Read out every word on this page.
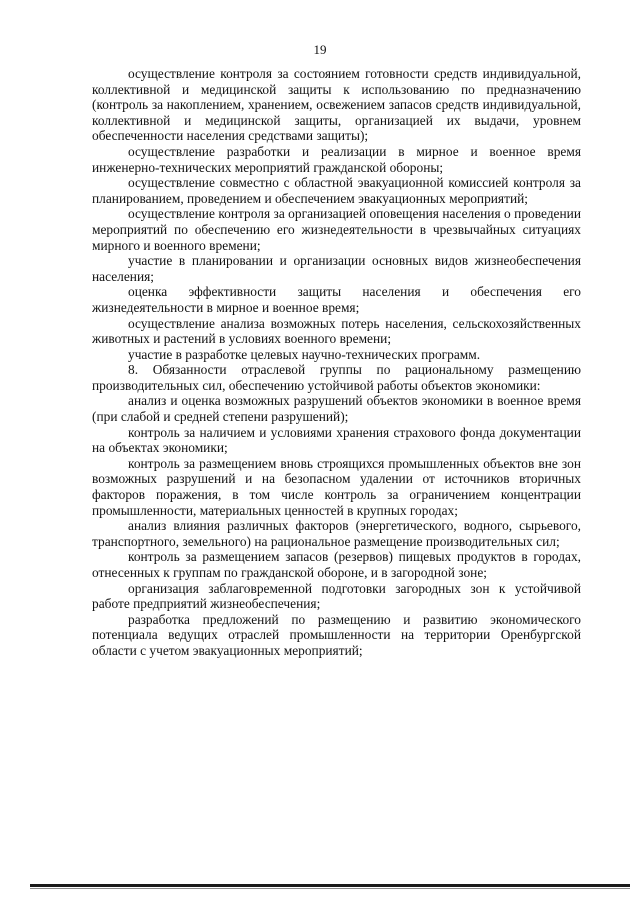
19

осуществление контроля за состоянием готовности средств индивидуальной, коллективной и медицинской защиты к использованию по предназначению (контроль за накоплением, хранением, освежением запасов средств индивидуальной, коллективной и медицинской защиты, организацией их выдачи, уровнем обеспеченности населения средствами защиты);

осуществление разработки и реализации в мирное и военное время инженерно-технических мероприятий гражданской обороны;

осуществление совместно с областной эвакуационной комиссией контроля за планированием, проведением и обеспечением эвакуационных мероприятий;

осуществление контроля за организацией оповещения населения о проведении мероприятий по обеспечению его жизнедеятельности в чрезвычайных ситуациях мирного и военного времени;

участие в планировании и организации основных видов жизнеобеспечения населения;

оценка эффективности защиты населения и обеспечения его жизнедеятельности в мирное и военное время;

осуществление анализа возможных потерь населения, сельскохозяйственных животных и растений в условиях военного времени;

участие в разработке целевых научно-технических программ.

8. Обязанности отраслевой группы по рациональному размещению производительных сил, обеспечению устойчивой работы объектов экономики:

анализ и оценка возможных разрушений объектов экономики в военное время (при слабой и средней степени разрушений);

контроль за наличием и условиями хранения страхового фонда документации на объектах экономики;

контроль за размещением вновь строящихся промышленных объектов вне зон возможных разрушений и на безопасном удалении от источников вторичных факторов поражения, в том числе контроль за ограничением концентрации промышленности, материальных ценностей в крупных городах;

анализ влияния различных факторов (энергетического, водного, сырьевого, транспортного, земельного) на рациональное размещение производительных сил;

контроль за размещением запасов (резервов) пищевых продуктов в городах, отнесенных к группам по гражданской обороне, и в загородной зоне;

организация заблаговременной подготовки загородных зон к устойчивой работе предприятий жизнеобеспечения;

разработка предложений по размещению и развитию экономического потенциала ведущих отраслей промышленности на территории Оренбургской области с учетом эвакуационных мероприятий;
